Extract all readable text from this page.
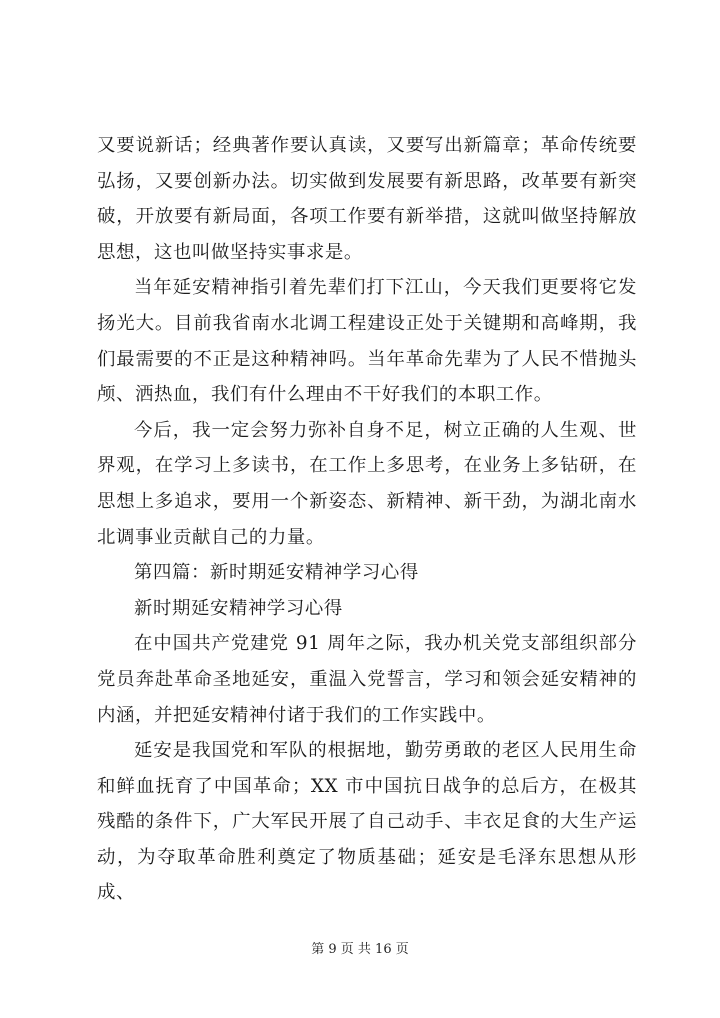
又要说新话；经典著作要认真读，又要写出新篇章；革命传统要弘扬，又要创新办法。切实做到发展要有新思路，改革要有新突破，开放要有新局面，各项工作要有新举措，这就叫做坚持解放思想，这也叫做坚持实事求是。

当年延安精神指引着先辈们打下江山，今天我们更要将它发扬光大。目前我省南水北调工程建设正处于关键期和高峰期，我们最需要的不正是这种精神吗。当年革命先辈为了人民不惜抛头颅、洒热血，我们有什么理由不干好我们的本职工作。

今后，我一定会努力弥补自身不足，树立正确的人生观、世界观，在学习上多读书，在工作上多思考，在业务上多钻研，在思想上多追求，要用一个新姿态、新精神、新干劲，为湖北南水北调事业贡献自己的力量。

第四篇：新时期延安精神学习心得

新时期延安精神学习心得

在中国共产党建党 91 周年之际，我办机关党支部组织部分党员奔赴革命圣地延安，重温入党誓言，学习和领会延安精神的内涵，并把延安精神付诸于我们的工作实践中。

延安是我国党和军队的根据地，勤劳勇敢的老区人民用生命和鲜血抚育了中国革命；XX 市中国抗日战争的总后方，在极其残酷的条件下，广大军民开展了自己动手、丰衣足食的大生产运动，为夺取革命胜利奠定了物质基础；延安是毛泽东思想从形成、

第 9 页 共 16 页
